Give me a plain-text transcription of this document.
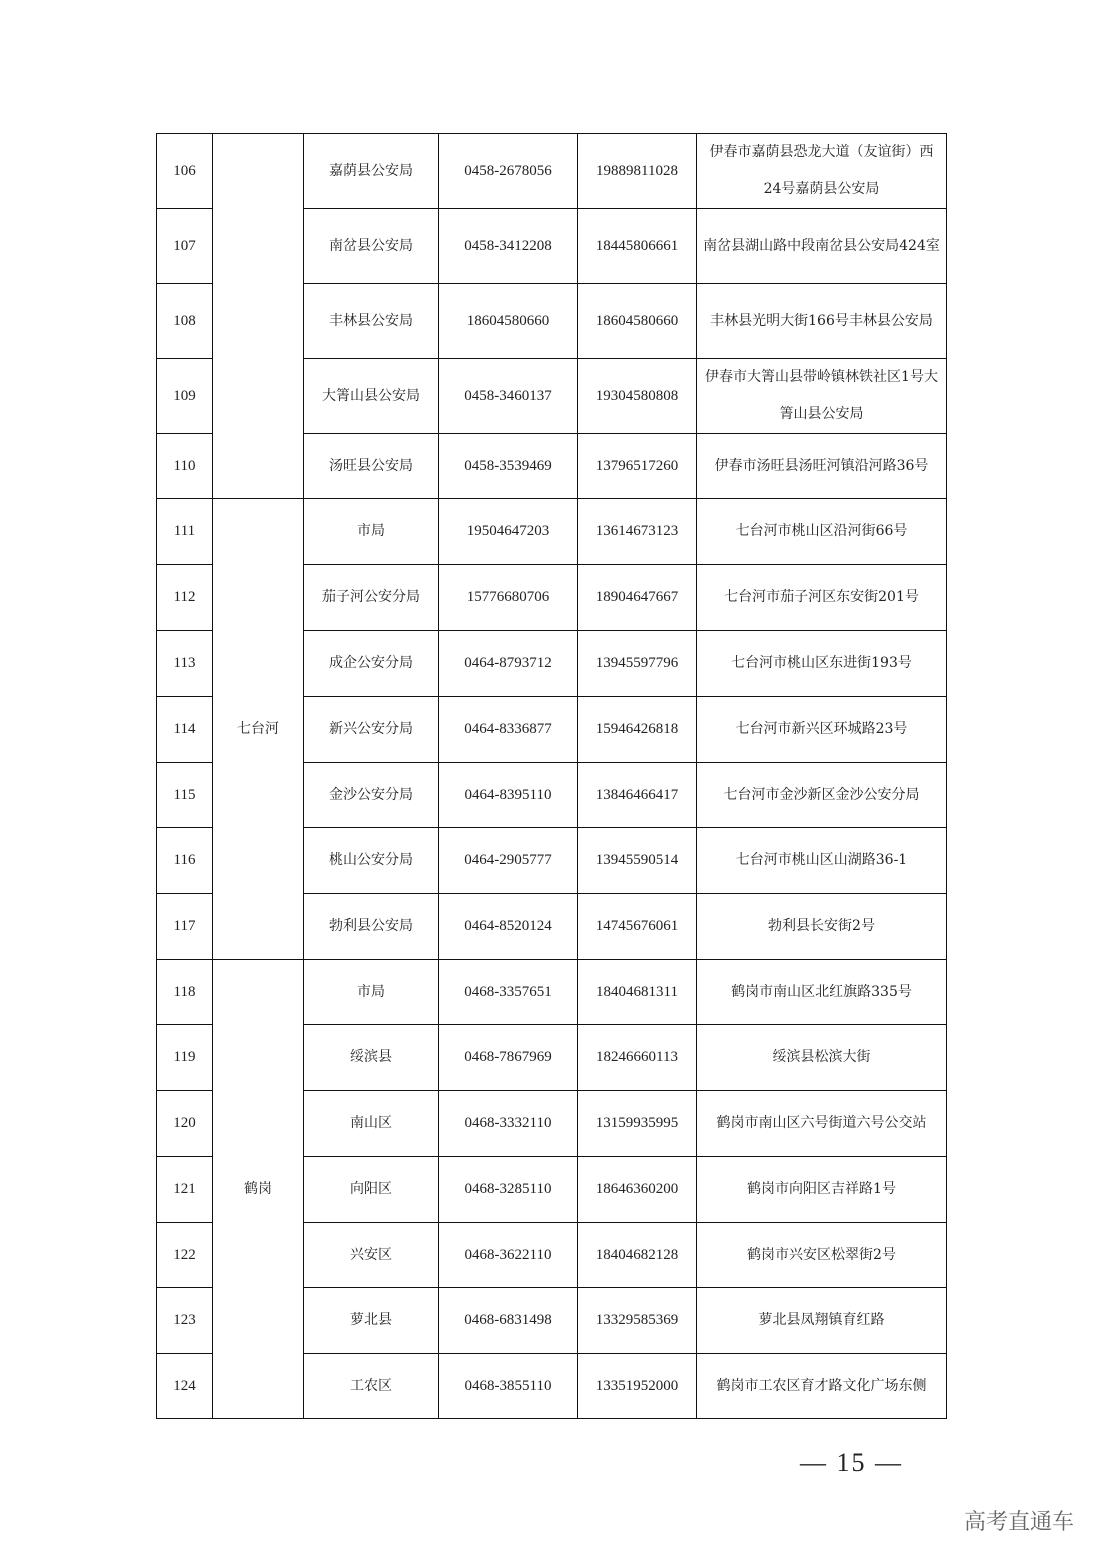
106		嘉荫县公安局	0458-2678056	19889811028	伊春市嘉荫县恐龙大道（友谊街）西24号嘉荫县公安局
107		南岔县公安局	0458-3412208	18445806661	南岔县湖山路中段南岔县公安局424室
108		丰林县公安局	18604580660	18604580660	丰林县光明大街166号丰林县公安局
109		大箐山县公安局	0458-3460137	19304580808	伊春市大箐山县带岭镇林铁社区1号大箐山县公安局
110		汤旺县公安局	0458-3539469	13796517260	伊春市汤旺县汤旺河镇沿河路36号
111	七台河	市局	19504647203	13614673123	七台河市桃山区沿河街66号
112		茄子河公安分局	15776680706	18904647667	七台河市茄子河区东安街201号
113		成企公安分局	0464-8793712	13945597796	七台河市桃山区东进街193号
114		新兴公安分局	0464-8336877	15946426818	七台河市新兴区环城路23号
115		金沙公安分局	0464-8395110	13846466417	七台河市金沙新区金沙公安分局
116		桃山公安分局	0464-2905777	13945590514	七台河市桃山区山湖路36-1
117		勃利县公安局	0464-8520124	14745676061	勃利县长安街2号
118	鹤岗	市局	0468-3357651	18404681311	鹤岗市南山区北红旗路335号
119		绥滨县	0468-7867969	18246660113	绥滨县松滨大街
120		南山区	0468-3332110	13159935995	鹤岗市南山区六号街道六号公交站
121		向阳区	0468-3285110	18646360200	鹤岗市向阳区吉祥路1号
122		兴安区	0468-3622110	18404682128	鹤岗市兴安区松翠街2号
123		萝北县	0468-6831498	13329585369	萝北县凤翔镇育红路
124		工农区	0468-3855110	13351952000	鹤岗市工农区育才路文化广场东侧
— 15 —
高考直通车
